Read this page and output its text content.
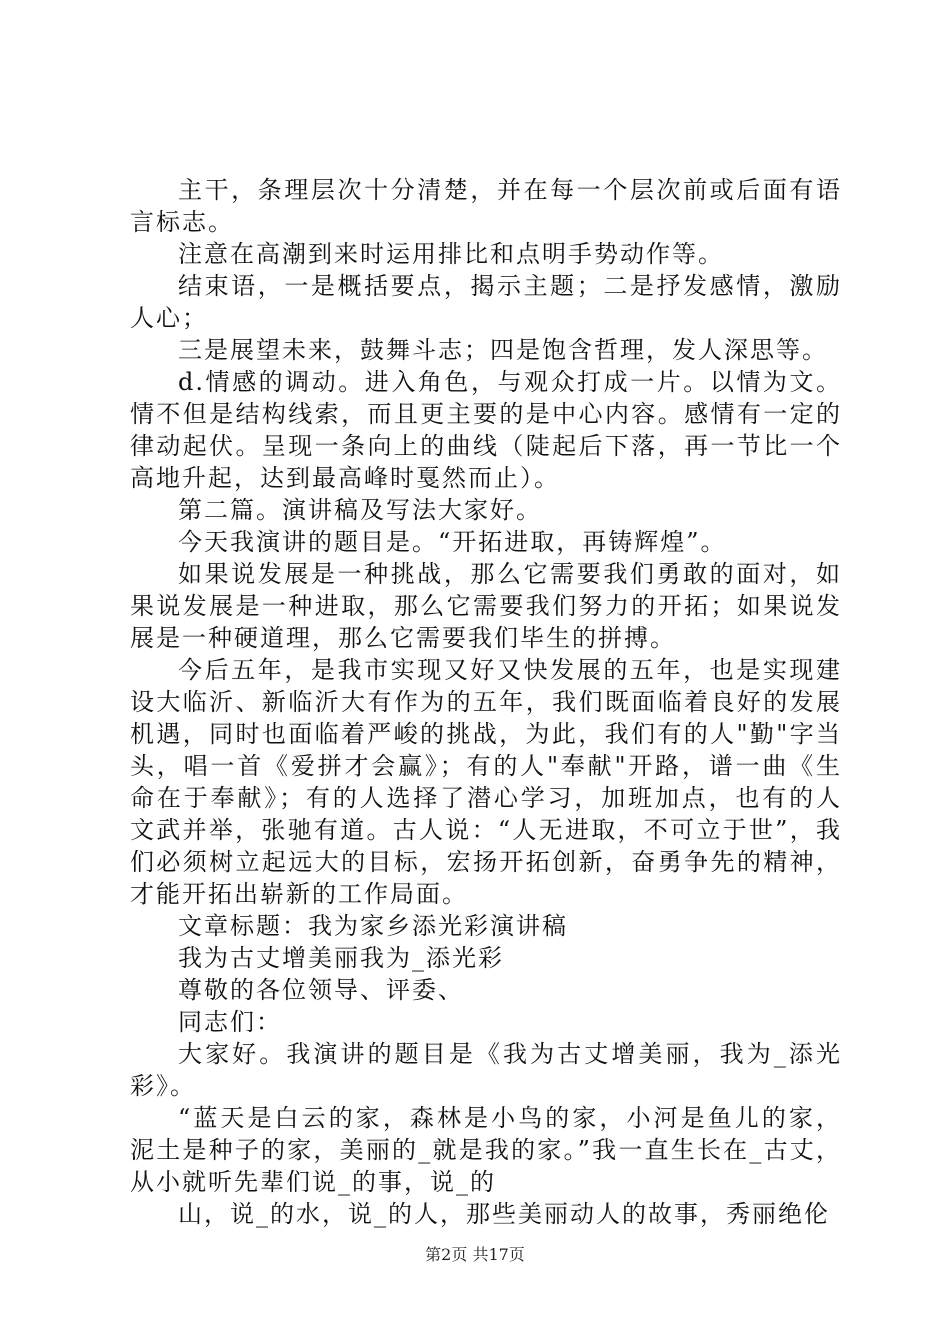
主干，条理层次十分清楚，并在每一个层次前或后面有语言标志。

注意在高潮到来时运用排比和点明手势动作等。

结束语，一是概括要点，揭示主题；二是抒发感情，激励人心；

三是展望未来，鼓舞斗志；四是饱含哲理，发人深思等。

d.情感的调动。进入角色，与观众打成一片。以情为文。情不但是结构线索，而且更主要的是中心内容。感情有一定的律动起伏。呈现一条向上的曲线（陡起后下落，再一节比一个高地升起，达到最高峰时戛然而止）。

第二篇。演讲稿及写法大家好。

今天我演讲的题目是。“开拓进取，再铸辉煌”。

如果说发展是一种挑战，那么它需要我们勇敢的面对，如果说发展是一种进取，那么它需要我们努力的开拓；如果说发展是一种硬道理，那么它需要我们毕生的拼搏。

今后五年，是我市实现又好又快发展的五年，也是实现建设大临沂、新临沂大有作为的五年，我们既面临着良好的发展机遇，同时也面临着严峻的挑战，为此，我们有的人"勤"字当头，唱一首《爱拼才会赢》；有的人"奉献"开路，谱一曲《生命在于奉献》；有的人选择了潜心学习，加班加点，也有的人文武并举，张驰有道。古人说：“人无进取，不可立于世”，我们必须树立起远大的目标，宏扬开拓创新，奋勇争先的精神，才能开拓出崭新的工作局面。

文章标题：我为家乡添光彩演讲稿

我为古丈增美丽我为_添光彩

尊敬的各位领导、评委、

同志们：

大家好。我演讲的题目是《我为古丈增美丽，我为_添光彩》。

“蓝天是白云的家，森林是小鸟的家，小河是鱼儿的家，泥土是种子的家，美丽的_就是我的家。”我一直生长在_古丈，从小就听先辈们说_的事，说_的

山，说_的水，说_的人，那些美丽动人的故事，秀丽绝伦

第2页 共17页
